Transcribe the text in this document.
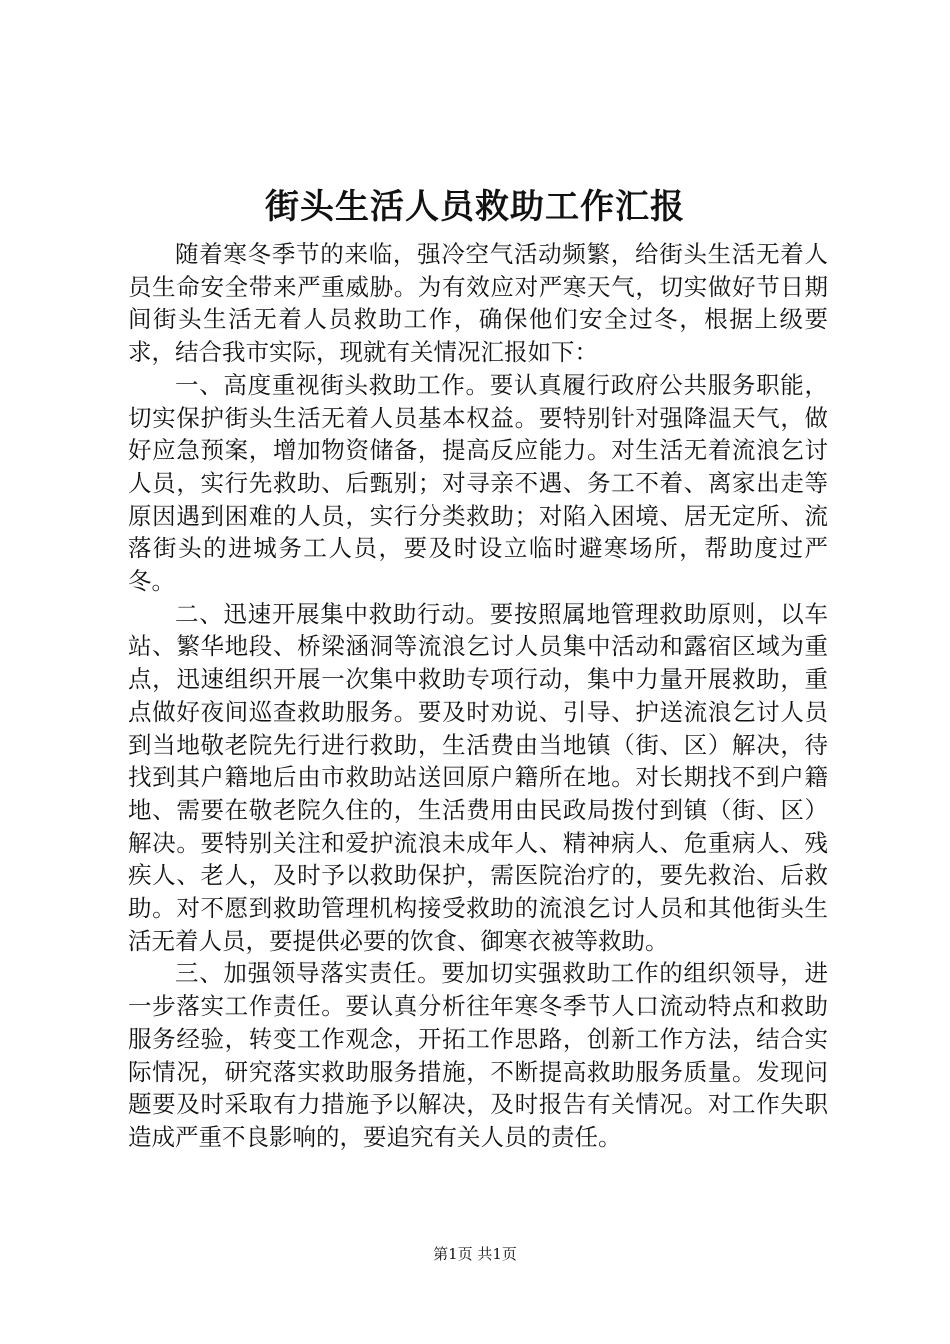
街头生活人员救助工作汇报

随着寒冬季节的来临，强冷空气活动频繁，给街头生活无着人员生命安全带来严重威胁。为有效应对严寒天气，切实做好节日期间街头生活无着人员救助工作，确保他们安全过冬，根据上级要求，结合我市实际，现就有关情况汇报如下：

一、高度重视街头救助工作。要认真履行政府公共服务职能，切实保护街头生活无着人员基本权益。要特别针对强降温天气，做好应急预案，增加物资储备，提高反应能力。对生活无着流浪乞讨人员，实行先救助、后甄别；对寻亲不遇、务工不着、离家出走等原因遇到困难的人员，实行分类救助；对陷入困境、居无定所、流落街头的进城务工人员，要及时设立临时避寒场所，帮助度过严冬。

二、迅速开展集中救助行动。要按照属地管理救助原则，以车站、繁华地段、桥梁涵洞等流浪乞讨人员集中活动和露宿区域为重点，迅速组织开展一次集中救助专项行动，集中力量开展救助，重点做好夜间巡查救助服务。要及时劝说、引导、护送流浪乞讨人员到当地敬老院先行进行救助，生活费由当地镇（街、区）解决，待找到其户籍地后由市救助站送回原户籍所在地。对长期找不到户籍地、需要在敬老院久住的，生活费用由民政局拨付到镇（街、区）解决。要特别关注和爱护流浪未成年人、精神病人、危重病人、残疾人、老人，及时予以救助保护，需医院治疗的，要先救治、后救助。对不愿到救助管理机构接受救助的流浪乞讨人员和其他街头生活无着人员，要提供必要的饮食、御寒衣被等救助。

三、加强领导落实责任。要加切实强救助工作的组织领导，进一步落实工作责任。要认真分析往年寒冬季节人口流动特点和救助服务经验，转变工作观念，开拓工作思路，创新工作方法，结合实际情况，研究落实救助服务措施，不断提高救助服务质量。发现问题要及时采取有力措施予以解决，及时报告有关情况。对工作失职造成严重不良影响的，要追究有关人员的责任。

第1页 共1页
